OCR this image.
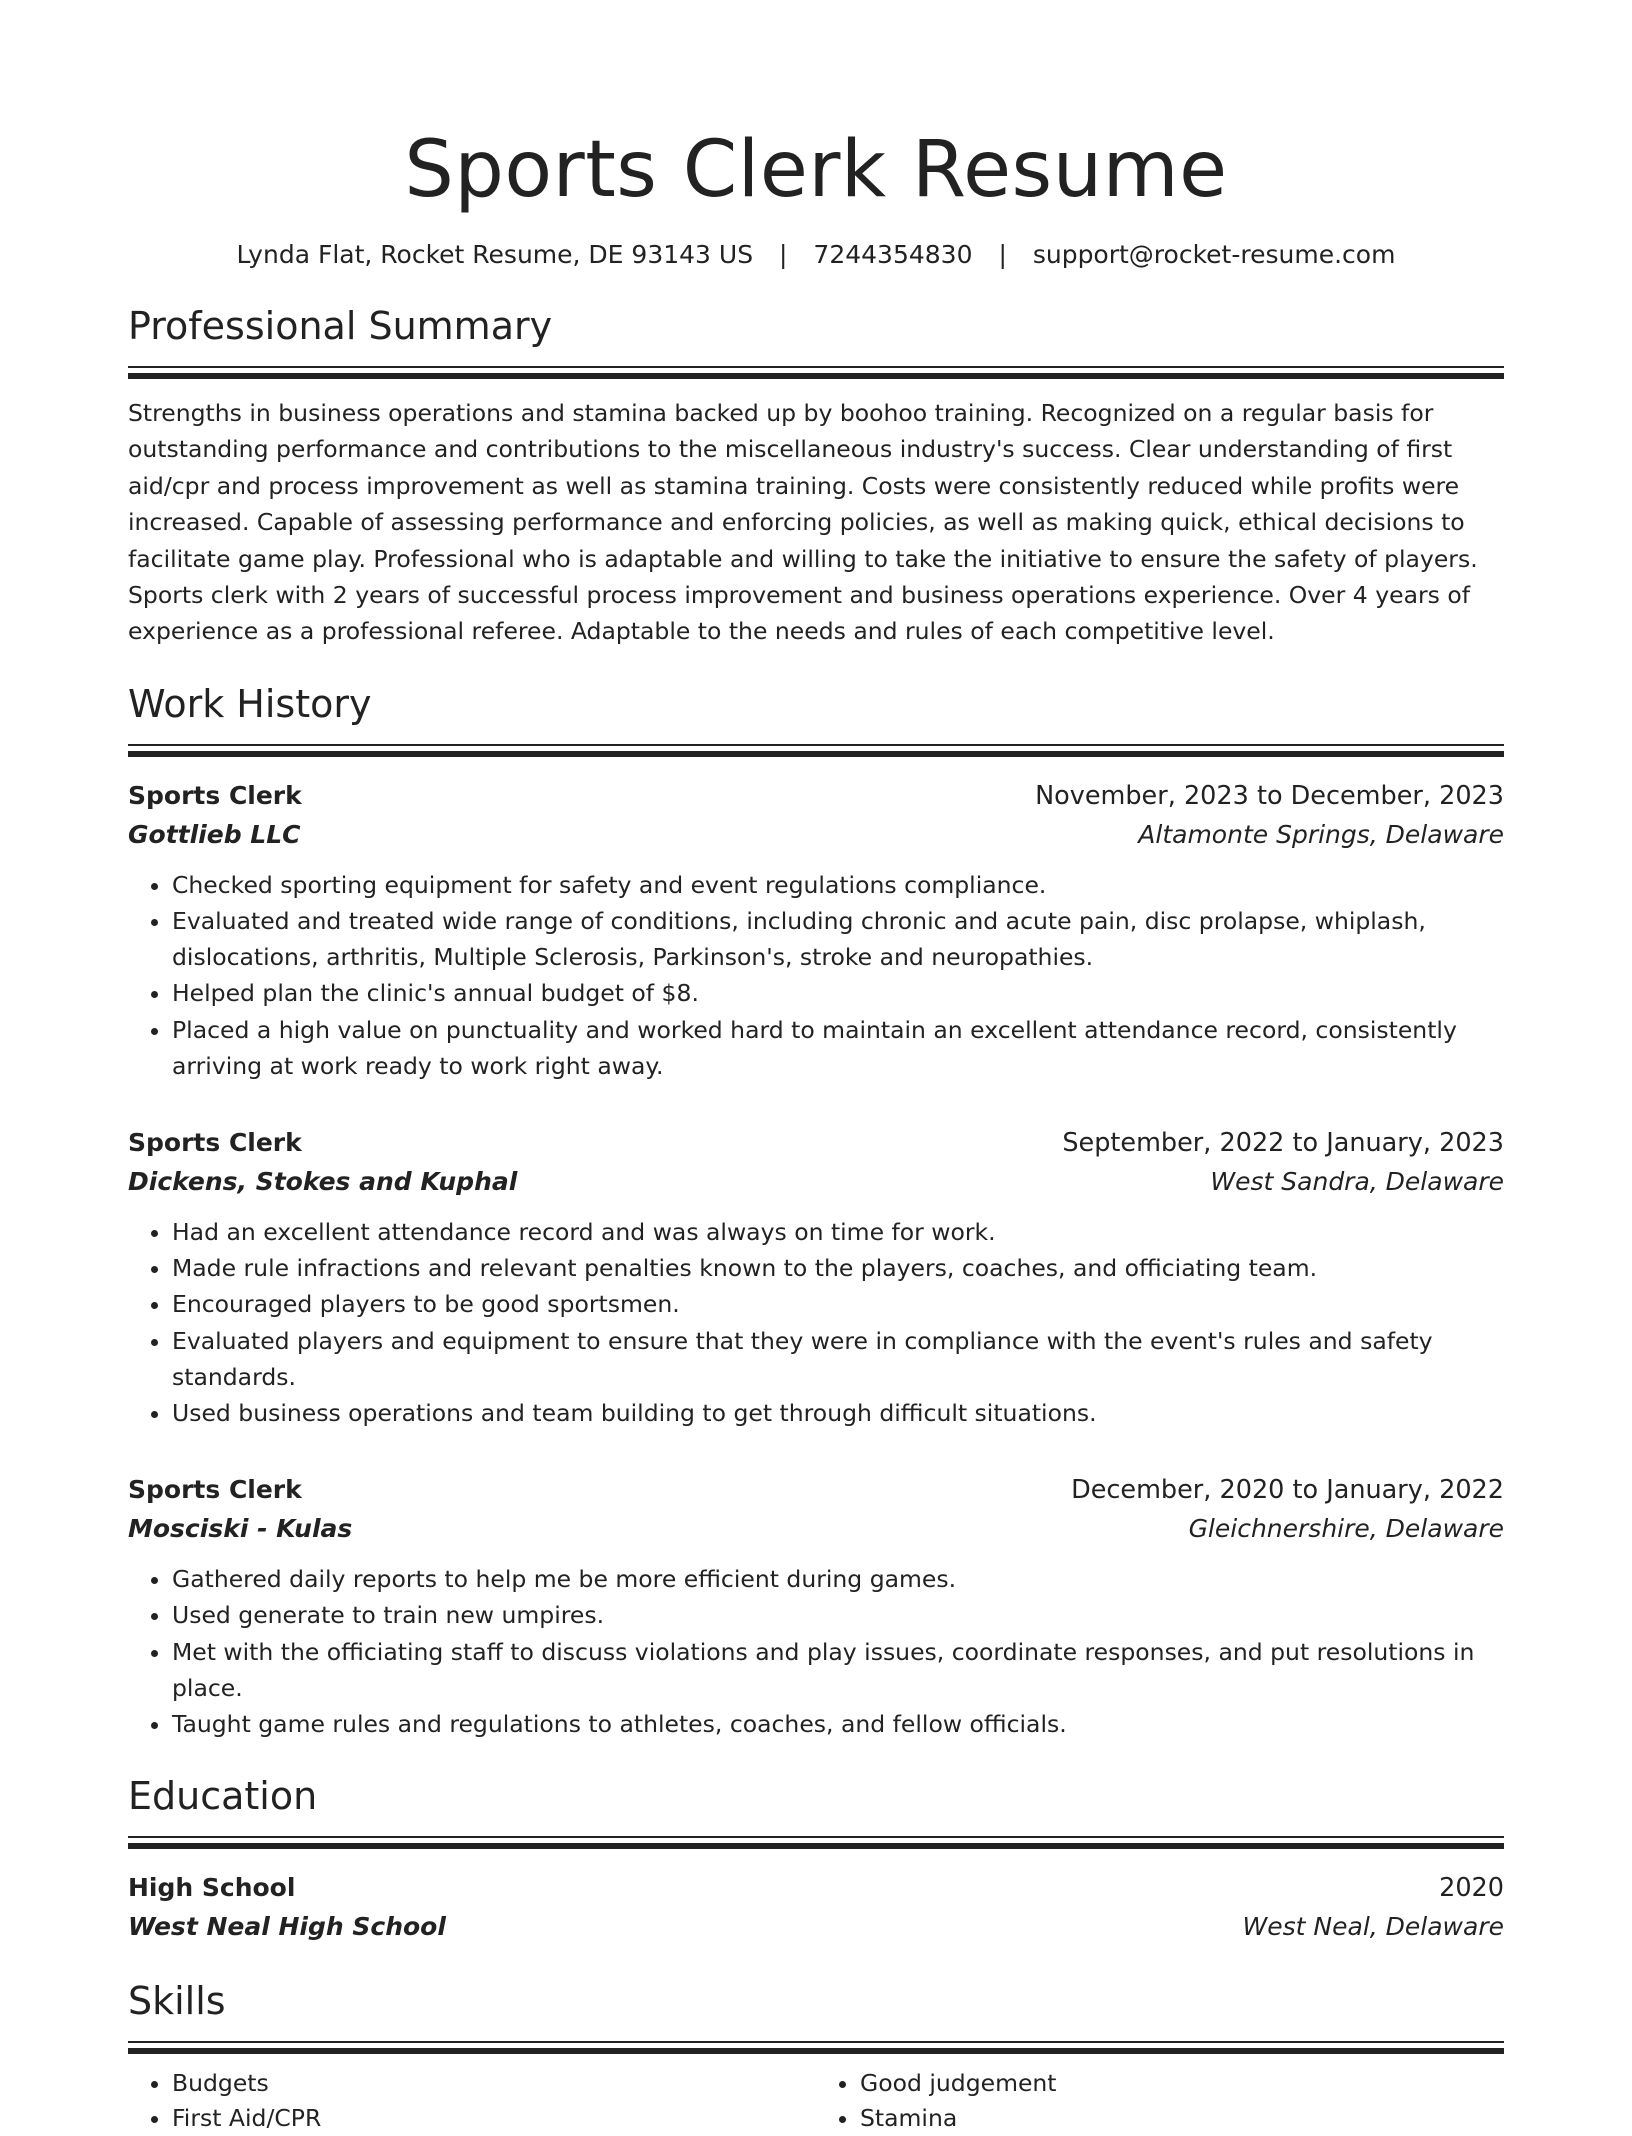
Sports Clerk Resume
Lynda Flat, Rocket Resume, DE 93143 US | 7244354830 | support@rocket-resume.com
Professional Summary

Strengths in business operations and stamina backed up by boohoo training. Recognized on a regular basis for outstanding performance and contributions to the miscellaneous industry's success. Clear understanding of first aid/cpr and process improvement as well as stamina training. Costs were consistently reduced while profits were increased. Capable of assessing performance and enforcing policies, as well as making quick, ethical decisions to facilitate game play. Professional who is adaptable and willing to take the initiative to ensure the safety of players. Sports clerk with 2 years of successful process improvement and business operations experience. Over 4 years of experience as a professional referee. Adaptable to the needs and rules of each competitive level.

Work History
Sports Clerk	November, 2023 to December, 2023
Gottlieb LLC	Altamonte Springs, Delaware
• Checked sporting equipment for safety and event regulations compliance.
• Evaluated and treated wide range of conditions, including chronic and acute pain, disc prolapse, whiplash, dislocations, arthritis, Multiple Sclerosis, Parkinson's, stroke and neuropathies.
• Helped plan the clinic's annual budget of $8.
• Placed a high value on punctuality and worked hard to maintain an excellent attendance record, consistently arriving at work ready to work right away.
Sports Clerk	September, 2022 to January, 2023
Dickens, Stokes and Kuphal	West Sandra, Delaware
• Had an excellent attendance record and was always on time for work.
• Made rule infractions and relevant penalties known to the players, coaches, and officiating team.
• Encouraged players to be good sportsmen.
• Evaluated players and equipment to ensure that they were in compliance with the event's rules and safety standards.
• Used business operations and team building to get through difficult situations.
Sports Clerk	December, 2020 to January, 2022
Mosciski - Kulas	Gleichnershire, Delaware
• Gathered daily reports to help me be more efficient during games.
• Used generate to train new umpires.
• Met with the officiating staff to discuss violations and play issues, coordinate responses, and put resolutions in place.
• Taught game rules and regulations to athletes, coaches, and fellow officials.
Education
High School	2020
West Neal High School	West Neal, Delaware
Skills
• Budgets
• First Aid/CPR
• Good judgement
• Stamina
